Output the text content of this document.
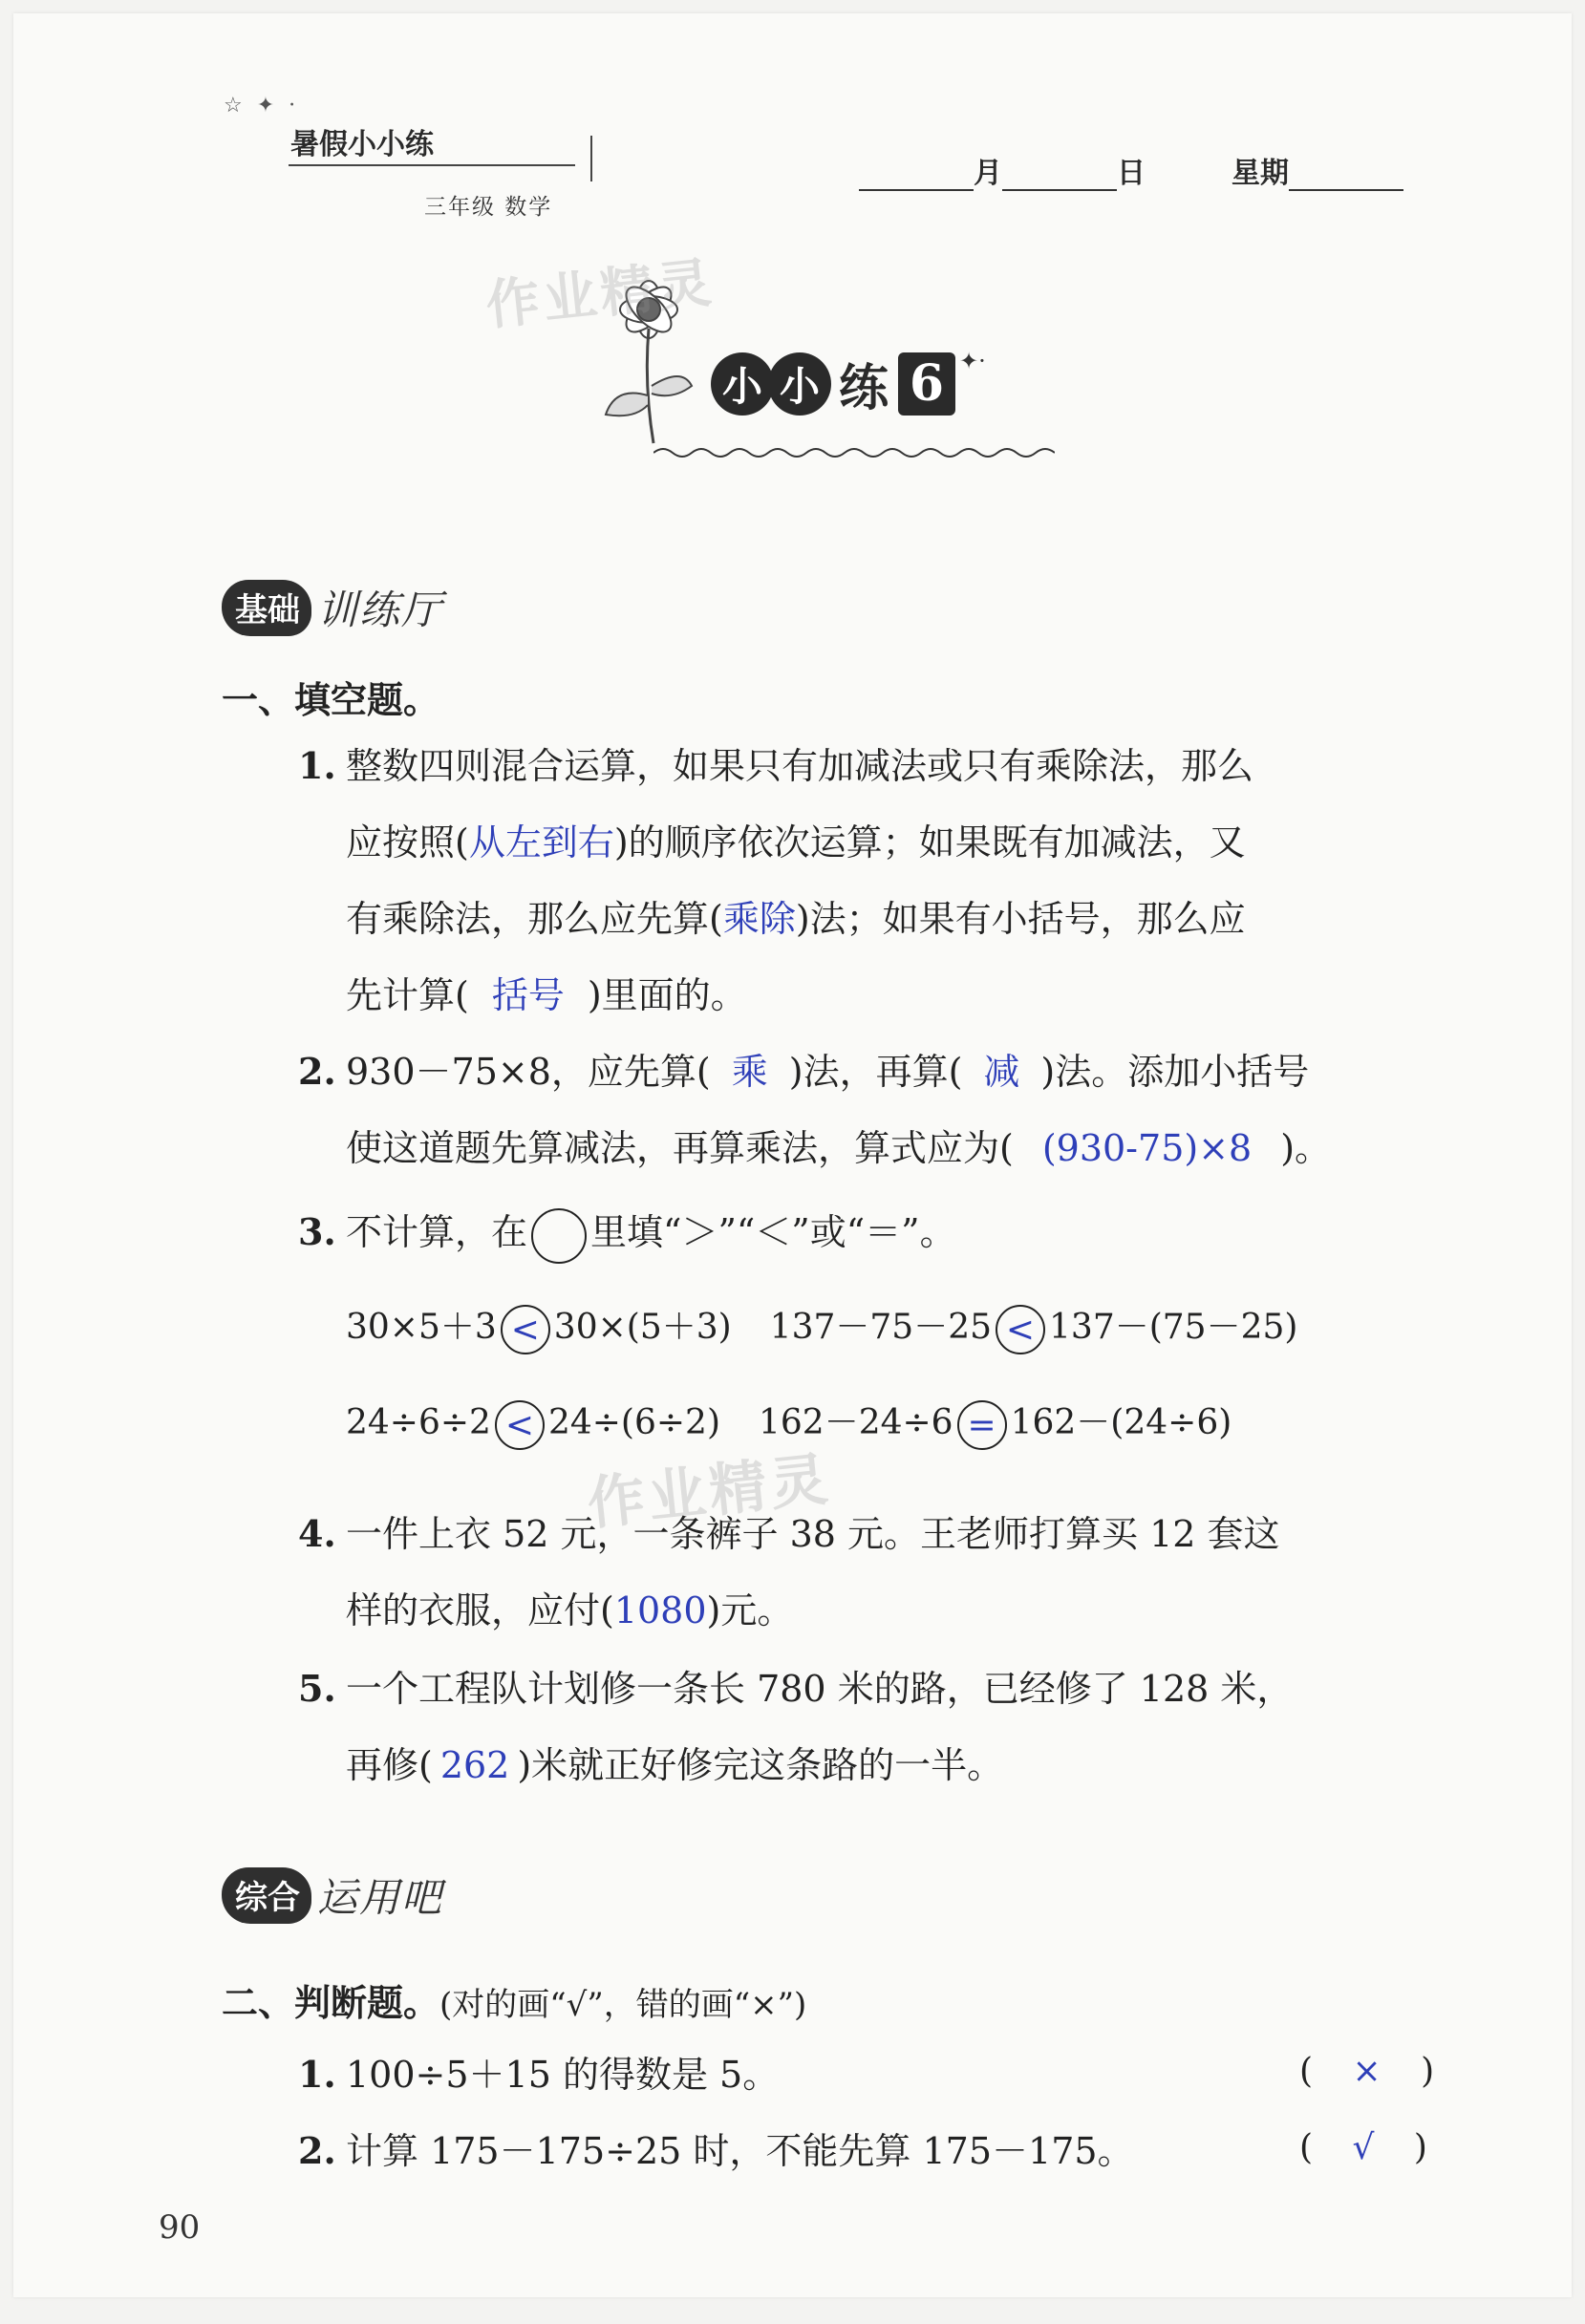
☆ ✦ ·
暑假小小练
三年级 数学
月	日	星期
作业精灵
小 小 练 6 ✦·
基础 训练厅
一、填空题。
1. 整数四则混合运算，如果只有加减法或只有乘除法，那么
应按照(从左到右)的顺序依次运算；如果既有加减法，又
有乘除法，那么应先算(乘除)法；如果有小括号，那么应
先计算( 括号 )里面的。
2. 930－75×8，应先算( 乘 )法，再算( 减 )法。添加小括号
使这道题先算减法，再算乘法，算式应为( (930-75)×8 )。
3. 不计算，在 里填“＞”“＜”或“＝”。
30×5＋3 < 30×(5＋3) 137－75－25 < 137－(75－25)
24÷6÷2 < 24÷(6÷2) 162－24÷6 = 162－(24÷6)
作业精灵
4. 一件上衣 52 元，一条裤子 38 元。王老师打算买 12 套这
样的衣服，应付(1080)元。
5. 一个工程队计划修一条长 780 米的路，已经修了 128 米，
再修( 262 )米就正好修完这条路的一半。
综合 运用吧
二、判断题。(对的画“√”，错的画“×”)
1. 100÷5＋15 的得数是 5。	( × )
2. 计算 175－175÷25 时，不能先算 175－175。	( √ )
90
